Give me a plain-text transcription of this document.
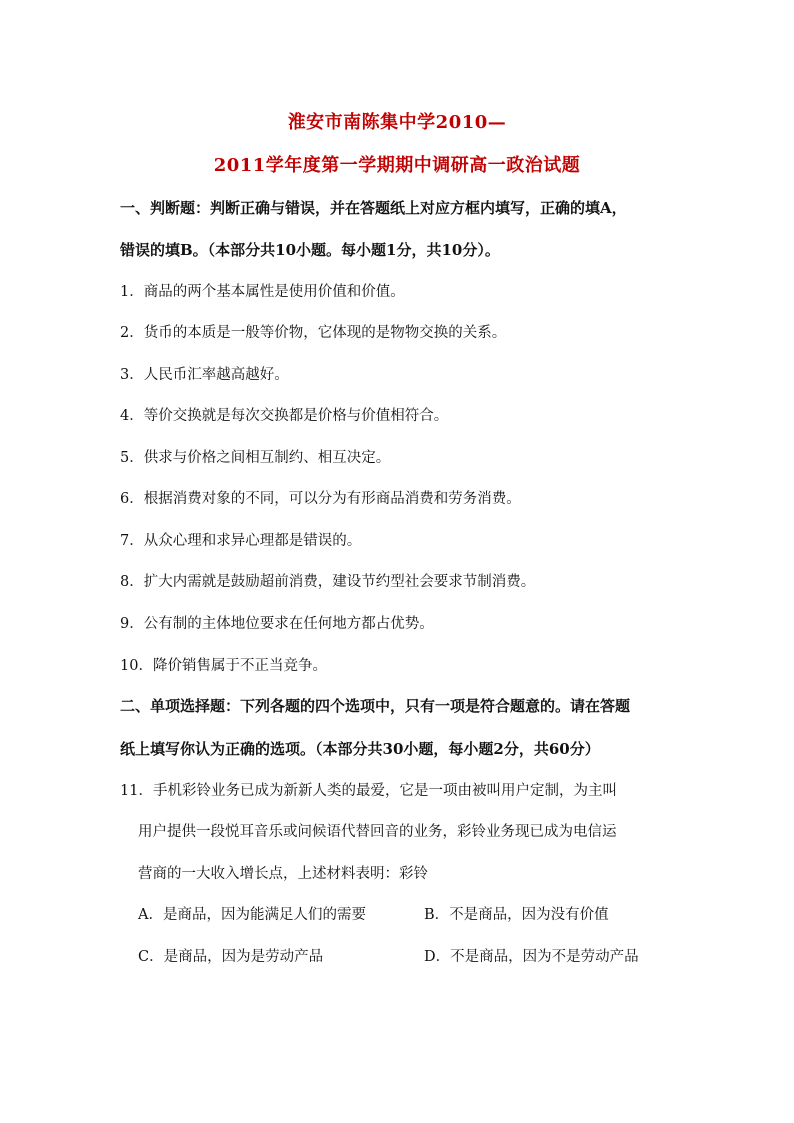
淮安市南陈集中学2010—
2011学年度第一学期期中调研高一政治试题
一、判断题：判断正确与错误，并在答题纸上对应方框内填写，正确的填A，
错误的填B。（本部分共10小题。每小题1分，共10分）。
1．商品的两个基本属性是使用价值和价值。
2．货币的本质是一般等价物，它体现的是物物交换的关系。
3．人民币汇率越高越好。
4．等价交换就是每次交换都是价格与价值相符合。
5．供求与价格之间相互制约、相互决定。
6．根据消费对象的不同，可以分为有形商品消费和劳务消费。
7．从众心理和求异心理都是错误的。
8．扩大内需就是鼓励超前消费，建设节约型社会要求节制消费。
9．公有制的主体地位要求在任何地方都占优势。
10．降价销售属于不正当竞争。
二、单项选择题：下列各题的四个选项中，只有一项是符合题意的。请在答题
纸上填写你认为正确的选项。（本部分共30小题，每小题2分，共60分）
11．手机彩铃业务已成为新新人类的最爱，它是一项由被叫用户定制，为主叫
用户提供一段悦耳音乐或问候语代替回音的业务，彩铃业务现已成为电信运
营商的一大收入增长点，上述材料表明：彩铃
A．是商品，因为能满足人们的需要	B．不是商品，因为没有价值
C．是商品，因为是劳动产品	D．不是商品，因为不是劳动产品
